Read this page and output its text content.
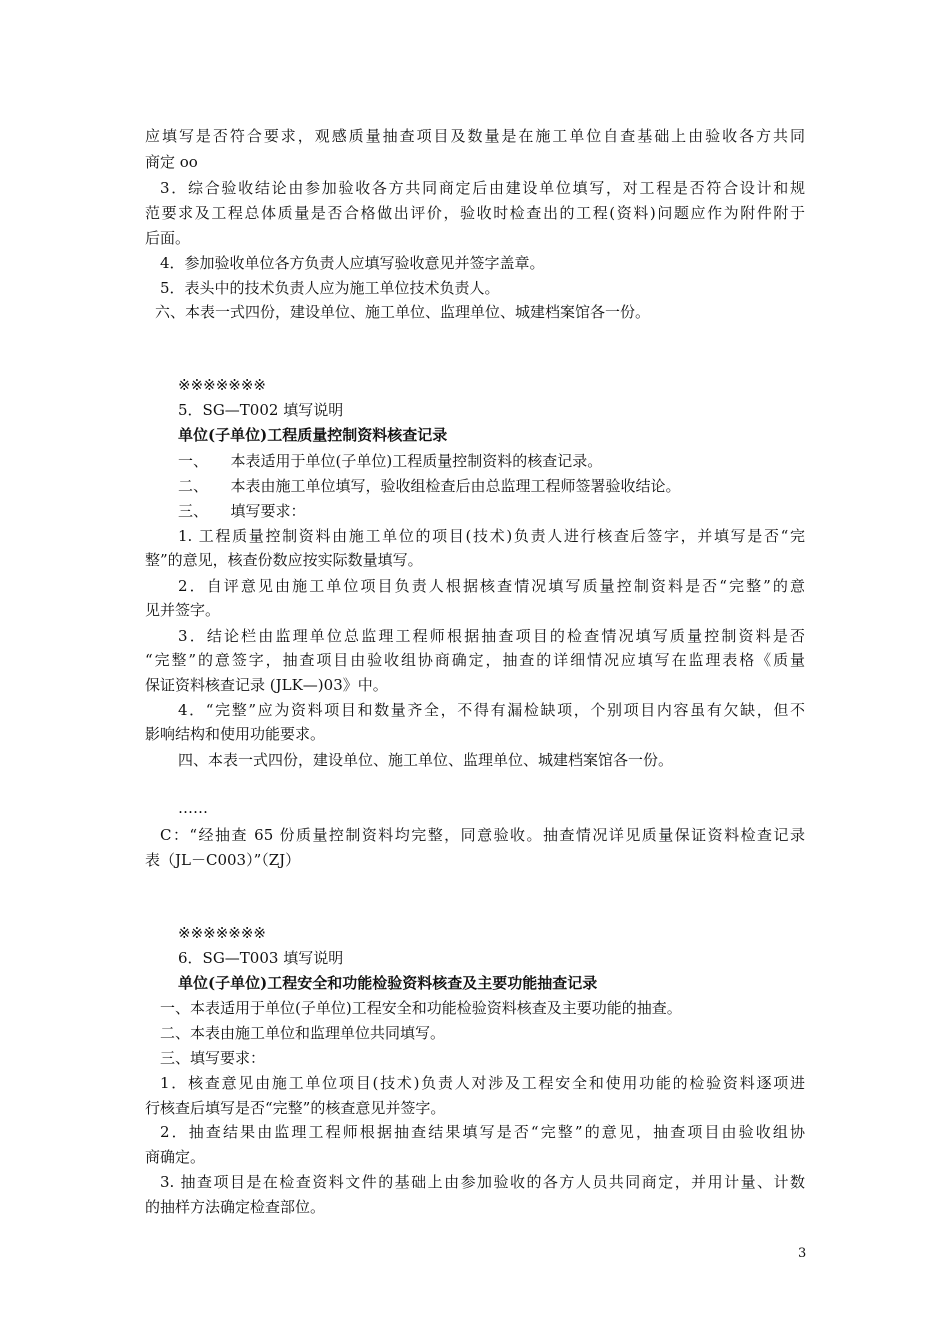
应填写是否符合要求，观感质量抽查项目及数量是在施工单位自查基础上由验收各方共同
商定 oo
3．综合验收结论由参加验收各方共同商定后由建设单位填写，对工程是否符合设计和规
范要求及工程总体质量是否合格做出评价，验收时检查出的工程(资料)问题应作为附件附于
后面。
4．参加验收单位各方负责人应填写验收意见并签字盖章。
5．表头中的技术负责人应为施工单位技术负责人。
六、本表一式四份，建设单位、施工单位、监理单位、城建档案馆各一份。
※※※※※※※
5．SG—T002 填写说明
单位(子单位)工程质量控制资料核查记录
一、　　本表适用于单位(子单位)工程质量控制资料的核查记录。
二、　　本表由施工单位填写，验收组检查后由总监理工程师签署验收结论。
三、　　填写要求：
1. 工程质量控制资料由施工单位的项目(技术)负责人进行核查后签字，并填写是否“完
整”的意见，核查份数应按实际数量填写。
2．自评意见由施工单位项目负责人根据核查情况填写质量控制资料是否“完整”的意
见并签字。
3．结论栏由监理单位总监理工程师根据抽查项目的检查情况填写质量控制资料是否
“完整”的意签字，抽查项目由验收组协商确定，抽查的详细情况应填写在监理表格《质量
保证资料核查记录 (JLK—)03》中。
4．“完整”应为资料项目和数量齐全，不得有漏检缺项，个别项目内容虽有欠缺，但不
影响结构和使用功能要求。
四、本表一式四份，建设单位、施工单位、监理单位、城建档案馆各一份。
……
C：“经抽查 65 份质量控制资料均完整，同意验收。抽查情况详见质量保证资料检查记录
表（JL－C003）”（ZJ）
※※※※※※※
6．SG—T003 填写说明
单位(子单位)工程安全和功能检验资料核查及主要功能抽查记录
一、本表适用于单位(子单位)工程安全和功能检验资料核查及主要功能的抽查。
二、本表由施工单位和监理单位共同填写。
三、填写要求：
1．核查意见由施工单位项目(技术)负责人对涉及工程安全和使用功能的检验资料逐项进
行核查后填写是否“完整”的核查意见并签字。
2．抽查结果由监理工程师根据抽查结果填写是否“完整”的意见，抽查项目由验收组协
商确定。
3. 抽查项目是在检查资料文件的基础上由参加验收的各方人员共同商定，并用计量、计数
的抽样方法确定检查部位。
3
